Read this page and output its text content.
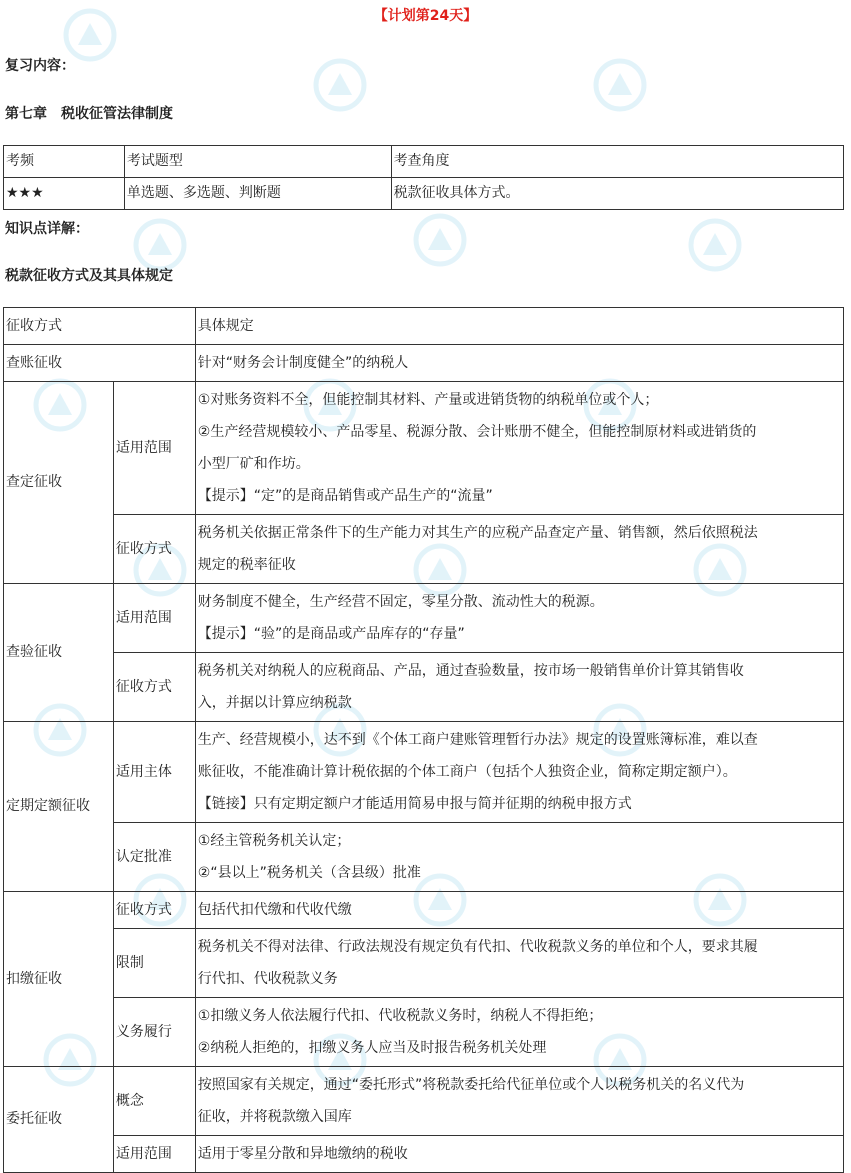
【计划第24天】
复习内容：
第七章　税收征管法律制度
考频	考试题型	考查角度
★★★	单选题、多选题、判断题	税款征收具体方式。
知识点详解：
税款征收方式及其具体规定
征收方式		具体规定
查账征收		针对“财务会计制度健全”的纳税人
查定征收	适用范围	①对账务资料不全，但能控制其材料、产量或进销货物的纳税单位或个人；
②生产经营规模较小、产品零星、税源分散、会计账册不健全，但能控制原材料或进销货的
小型厂矿和作坊。
【提示】“定”的是商品销售或产品生产的“流量”

	征收方式	税务机关依据正常条件下的生产能力对其生产的应税产品查定产量、销售额，然后依照税法
规定的税率征收

查验征收	适用范围	财务制度不健全，生产经营不固定，零星分散、流动性大的税源。
【提示】“验”的是商品或产品库存的“存量”

	征收方式	税务机关对纳税人的应税商品、产品，通过查验数量，按市场一般销售单价计算其销售收
入，并据以计算应纳税款

定期定额征收	适用主体	生产、经营规模小，达不到《个体工商户建账管理暂行办法》规定的设置账簿标准，难以查
账征收，不能准确计算计税依据的个体工商户（包括个人独资企业，简称定期定额户）。
【链接】只有定期定额户才能适用简易申报与简并征期的纳税申报方式

	认定批准	①经主管税务机关认定；
②“县以上”税务机关（含县级）批准

扣缴征收	征收方式	包括代扣代缴和代收代缴
	限制	税务机关不得对法律、行政法规没有规定负有代扣、代收税款义务的单位和个人，要求其履
行代扣、代收税款义务

	义务履行	①扣缴义务人依法履行代扣、代收税款义务时，纳税人不得拒绝；
②纳税人拒绝的，扣缴义务人应当及时报告税务机关处理

委托征收	概念	按照国家有关规定，通过“委托形式”将税款委托给代征单位或个人以税务机关的名义代为
征收，并将税款缴入国库

	适用范围	适用于零星分散和异地缴纳的税收
